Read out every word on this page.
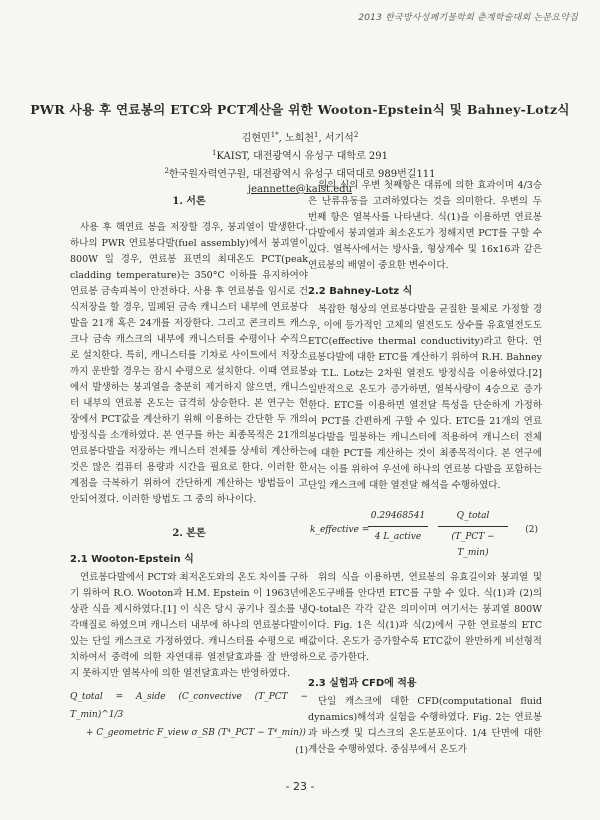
2013 한국방사성폐기물학회 춘계학술대회 논문요약집
PWR 사용 후 연료봉의 ETC와 PCT계산을 위한 Wooton-Epstein식 및 Bahney-Lotz식
김현민$^{1*}$, 노희천$^1$, 서기석$^2$
$^1$KAIST, 대전광역시 유성구 대학로 291
$^2$한국원자력연구원, 대전광역시 유성구 대덕대로 989번길111
jeannette@kaist.edu
1. 서론

사용 후 핵연료 봉을 저장할 경우, 붕괴열이 발생한다. 하나의 PWR 연료봉다발(fuel assembly)에서 붕괴열이 800W 일 경우, 연료봉 표면의 최대온도 PCT(peak cladding temperature)는 350°C 이하를 유지하여야 연료봉 금속피복이 안전하다. 사용 후 연료봉을 임시로 건식저장을 할 경우, 밀폐된 금속 캐니스터 내부에 연료봉다발을 21개 혹은 24개를 저장한다. 그리고 콘크리트 캐스크나 금속 캐스크의 내부에 캐니스터를 수평이나 수직으로 설치한다. 특히, 캐니스터를 기차로 사이트에서 저장소까지 운반할 경우는 잠시 수평으로 설치한다. 이때 연료봉에서 발생하는 붕괴열을 충분히 제거하지 않으면, 캐니스터 내부의 연료봉 온도는 급격히 상승한다. 본 연구는 현장에서 PCT값을 계산하기 위해 이용하는 간단한 두 개의 방정식을 소개하였다. 본 연구를 하는 최종목적은 21개의 연료봉다발을 저장하는 캐니스터 전체를 상세히 계산하는 것은 많은 컴퓨터 용량과 시간을 필요로 한다. 이러한 한계점을 극복하기 위하여 간단하게 계산하는 방법들이 고안되어졌다. 이러한 방법도 그 중의 하나이다.

2. 본론
2.1 Wooton-Epstein 식

연료봉다발에서 PCT와 최저온도와의 온도 차이를 구하기 위하여 R.O. Wooton과 H.M. Epstein 이 1963년에 상관 식을 제시하였다.[1] 이 식은 당시 공기나 질소를 냉각매질로 하였으며 캐니스터 내부에 하나의 연료봉다발이 있는 단일 캐스크로 가정하였다. 캐니스터를 수평으로 배치하여서 중력에 의한 자연대류 열전달효과를 잘 반영하지 못하지만 열복사에 의한 열전달효과는 반영하였다.

Q_total = A_side (C_convective (T_PCT − T_min)^1/3
+ C_geometric F_view σ_SB (T⁴_PCT − T⁴_min))
(1)

위의 식의 우변 첫째항은 대류에 의한 효과이며 4/3승은 난류유동을 고려하였다는 것을 의미한다. 우변의 두 번째 항은 열복사를 나타낸다. 식(1)을 이용하면 연료봉다발에서 붕괴열과 최소온도가 정해지면 PCT를 구할 수 있다. 열복사에서는 방사율, 형상계수 및 16x16과 같은 연료봉의 배열이 중요한 변수이다.

2.2 Bahney-Lotz 식

복잡한 형상의 연료봉다발을 균질한 물체로 가정할 경우, 이에 등가적인 고체의 열전도도 상수를 유효열전도도 ETC(effective thermal conductivity)라고 한다. 연료봉다발에 대한 ETC를 계산하기 위하여 R.H. Bahney와 T.L. Lotz는 2차원 열전도 방정식을 이용하였다.[2] 일반적으로 온도가 증가하면, 열복사량이 4승으로 증가한다. ETC를 이용하면 열전달 특성을 단순하게 가정하여 PCT를 간편하게 구할 수 있다. ETC를 21개의 연료봉다발을 밀봉하는 캐니스터에 적용하여 캐니스터 전체에 대한 PCT를 계산하는 것이 최종목적이다. 본 연구에서는 이를 위하여 우선에 하나의 연료봉 다발을 포함하는 단일 캐스크에 대한 열전달 해석을 수행하였다.

k_effective =
0.29468541
4 L_active
Q_total
(T_PCT − T_min)
(2)

위의 식을 이용하면, 연료봉의 유효길이와 붕괴열 및 온도구배를 안다면 ETC를 구할 수 있다. 식(1)과 (2)의 Q-total은 각각 같은 의미이며 여기서는 붕괴열 800W 이다. Fig. 1은 식(1)과 식(2)에서 구한 연료봉의 ETC값이다. 온도가 증가할수록 ETC값이 완만하게 비선형적으로 증가한다.

2.3 실험과 CFD에 적용

단일 캐스크에 대한 CFD(computational fluid dynamics)해석과 실험을 수행하였다. Fig. 2는 연료봉과 바스켓 및 디스크의 온도분포이다. 1/4 단면에 대한 계산을 수행하였다. 중심부에서 온도가

- 23 -
